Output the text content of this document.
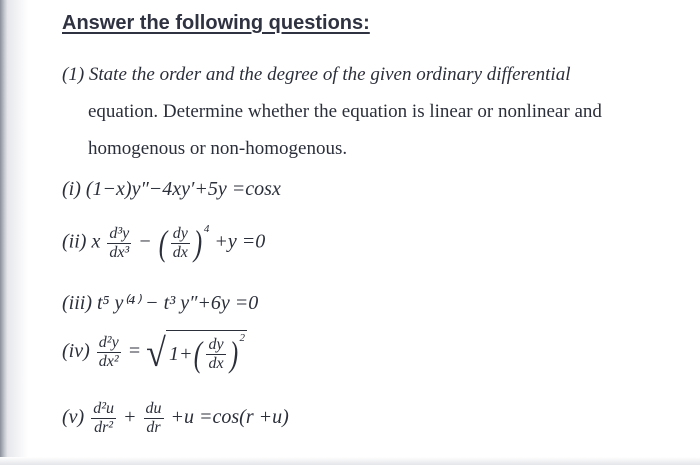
Answer the following questions:
(1) State the order and the degree of the given ordinary differential
equation. Determine whether the equation is linear or nonlinear and
homogenous or non-homogenous.
(i) (1−x)y″−4xy′+5y =cosx
(ii) x $\frac{\text{d³y}}{\text{dx³}}$ − ( $\frac{dy}{dx}$ ) $^4$ +y =0
(iii) t⁵ y⁽⁴⁾ − t³ y″+6y =0
$(iv) \frac{\text{d²y}}{\text{dx²}}$ = √ 1+ ( $\frac{dy}{dx}$ ) 2
$(v) \frac{\text{d²u}}{\text{dr²}} + \frac{du}{dr} +u =\cos(r +u)$
